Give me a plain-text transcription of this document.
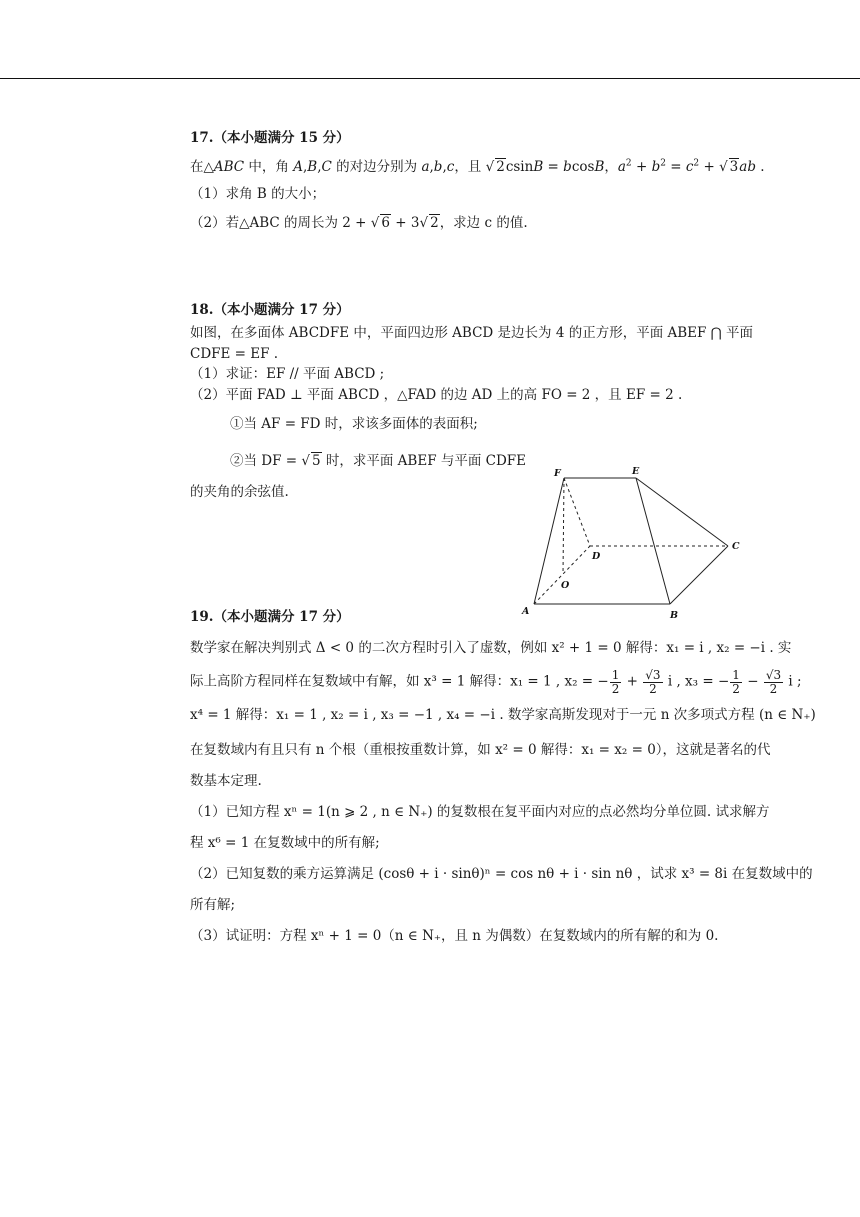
17.（本小题满分 15 分）

在△ABC 中，角 A,B,C 的对边分别为 a,b,c，且 √ 2csinB = bcosB，$a^2 + b^2 = c^2$ + √ 3ab .

（1）求角 B 的大小；

（2）若△ABC 的周长为 2 + √ 6 + 3√ 2，求边 c 的值.

18.（本小题满分 17 分）

如图，在多面体 ABCDFE 中，平面四边形 ABCD 是边长为 4 的正方形，平面 ABEF ⋂ 平面

CDFE = EF .

（1）求证：EF // 平面 ABCD ;

（2）平面 FAD ⊥ 平面 ABCD ，△FAD 的边 AD 上的高 FO = 2 ，且 EF = 2 .

①当 AF = FD 时，求该多面体的表面积;

②当 DF = √ 5 时，求平面 ABEF 与平面 CDFE

的夹角的余弦值.

19.（本小题满分 17 分）

数学家在解决判别式 Δ < 0 的二次方程时引入了虚数，例如 x² + 1 = 0 解得：x₁ = i , x₂ = −i . 实

际上高阶方程同样在复数域中有解，如 x³ = 1 解得：x₁ = 1 , x₂ = − $\frac{1}{2} + \frac{√3}{2}$ i , x₃ = − $\frac{1}{2} - \frac{√3}{2}$ i ;

x⁴ = 1 解得：x₁ = 1 , x₂ = i , x₃ = −1 , x₄ = −i . 数学家高斯发现对于一元 n 次多项式方程 (n ∈ N₊)

在复数域内有且只有 n 个根（重根按重数计算，如 x² = 0 解得：x₁ = x₂ = 0），这就是著名的代

数基本定理.

（1）已知方程 xⁿ = 1(n ⩾ 2 , n ∈ N₊) 的复数根在复平面内对应的点必然均分单位圆. 试求解方

程 x⁶ = 1 在复数域中的所有解;

（2）已知复数的乘方运算满足 (cosθ + i · sinθ)ⁿ = cos nθ + i · sin nθ ，试求 x³ = 8i 在复数域中的

所有解;

（3）试证明：方程 xⁿ + 1 = 0（n ∈ N₊，且 n 为偶数）在复数域内的所有解的和为 0.

F	E
D
C
O
A	B
